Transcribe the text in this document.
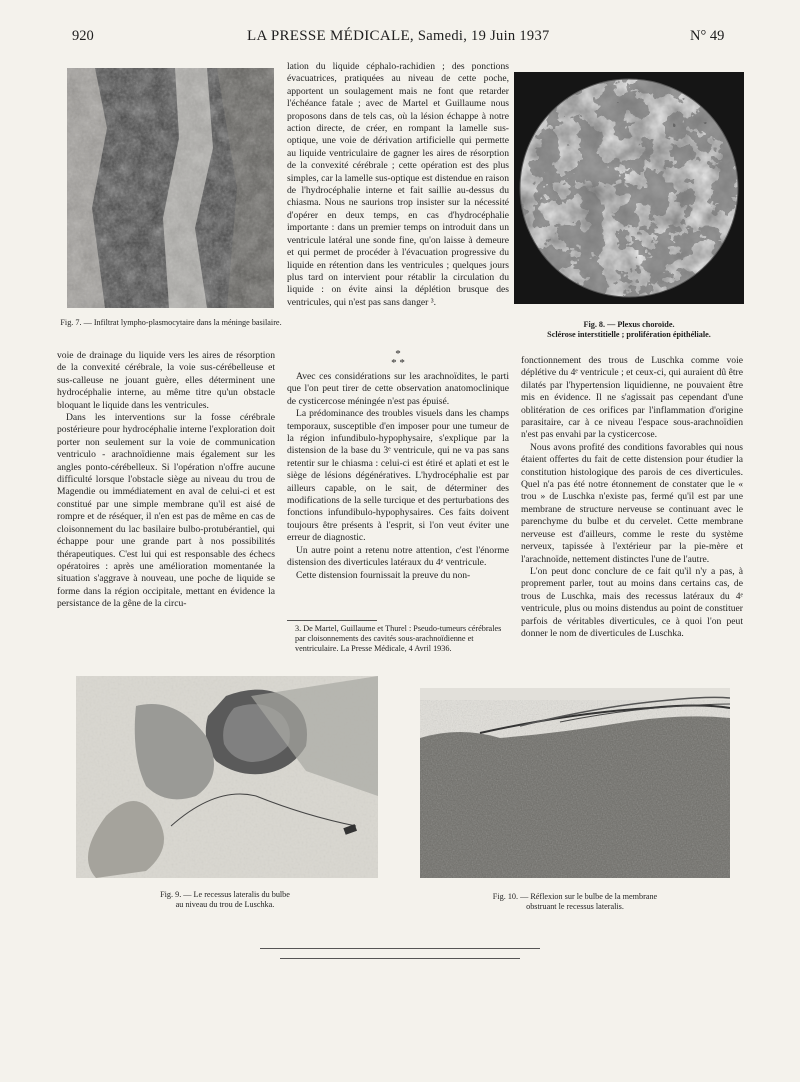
920	LA PRESSE MÉDICALE, Samedi, 19 Juin 1937	N° 49
Fig. 7. — Infiltrat lympho-plasmocytaire dans la méninge basilaire.	Fig. 8. — Plexus choroïde.
Sclérose interstitielle ; prolifération épithéliale.

voie de drainage du liquide vers les aires de résorption de la convexité cérébrale, la voie sus-cérébelleuse et sus-calleuse ne jouant guère, elles déterminent une hydrocéphalie interne, au même titre qu'un obstacle bloquant le liquide dans les ventricules.

Dans les interventions sur la fosse cérébrale postérieure pour hydrocéphalie interne l'exploration doit porter non seulement sur la voie de communication ventriculo - arachnoïdienne mais également sur les angles ponto-cérébelleux. Si l'opération n'offre aucune difficulté lorsque l'obstacle siège au niveau du trou de Magendie ou immédiatement en aval de celui-ci et est constitué par une simple membrane qu'il est aisé de rompre et de réséquer, il n'en est pas de même en cas de cloisonnement du lac basilaire bulbo-protubérantiel, qui échappe pour une grande part à nos possibilités thérapeutiques. C'est lui qui est responsable des échecs opératoires : après une amélioration momentanée la situation s'aggrave à nouveau, une poche de liquide se forme dans la région occipitale, mettant en évidence la persistance de la gêne de la circu-

lation du liquide céphalo-rachidien ; des ponctions évacuatrices, pratiquées au niveau de cette poche, apportent un soulagement mais ne font que retarder l'échéance fatale ; avec de Martel et Guillaume nous proposons dans de tels cas, où la lésion échappe à notre action directe, de créer, en rompant la lamelle sus-optique, une voie de dérivation artificielle qui permette au liquide ventriculaire de gagner les aires de résorption de la convexité cérébrale ; cette opération est des plus simples, car la lamelle sus-optique est distendue en raison de l'hydrocéphalie interne et fait saillie au-dessus du chiasma. Nous ne saurions trop insister sur la nécessité d'opérer en deux temps, en cas d'hydrocéphalie importante : dans un premier temps on introduit dans un ventricule latéral une sonde fine, qu'on laisse à demeure et qui permet de procéder à l'évacuation progressive du liquide en rétention dans les ventricules ; quelques jours plus tard on intervient pour rétablir la circulation du liquide : on évite ainsi la déplétion brusque des ventricules, qui n'est pas sans danger ³.

*
* *

Avec ces considérations sur les arachnoïdites, le parti que l'on peut tirer de cette observation anatomoclinique de cysticercose méningée n'est pas épuisé.

La prédominance des troubles visuels dans les champs temporaux, susceptible d'en imposer pour une tumeur de la région infundibulo-hypophysaire, s'explique par la distension de la base du 3ᵉ ventricule, qui ne va pas sans retentir sur le chiasma : celui-ci est étiré et aplati et est le siège de lésions dégénératives. L'hydrocéphalie est par ailleurs capable, on le sait, de déterminer des modifications de la selle turcique et des perturbations des fonctions infundibulo-hypophysaires. Ces faits doivent toujours être présents à l'esprit, si l'on veut éviter une erreur de diagnostic.

Un autre point a retenu notre attention, c'est l'énorme distension des diverticules latéraux du 4ᵉ ventricule.

Cette distension fournissait la preuve du non-

3. De Martel, Guillaume et Thurel : Pseudo-tumeurs cérébrales par cloisonnements des cavités sous-arachnoïdienne et ventriculaire. La Presse Médicale, 4 Avril 1936.

fonctionnement des trous de Luschka comme voie déplétive du 4ᵉ ventricule ; et ceux-ci, qui auraient dû être dilatés par l'hypertension liquidienne, ne pouvaient être mis en évidence. Il ne s'agissait pas cependant d'une oblitération de ces orifices par l'inflammation d'origine parasitaire, car à ce niveau l'espace sous-arachnoïdien n'est pas envahi par la cysticercose.

Nous avons profité des conditions favorables qui nous étaient offertes du fait de cette distension pour étudier la constitution histologique des parois de ces diverticules. Quel n'a pas été notre étonnement de constater que le « trou » de Luschka n'existe pas, fermé qu'il est par une membrane de structure nerveuse se continuant avec le parenchyme du bulbe et du cervelet. Cette membrane nerveuse est d'ailleurs, comme le reste du système nerveux, tapissée à l'extérieur par la pie-mère et l'arachnoïde, nettement distinctes l'une de l'autre.

L'on peut donc conclure de ce fait qu'il n'y a pas, à proprement parler, tout au moins dans certains cas, de trous de Luschka, mais des recessus latéraux du 4ᵉ ventricule, plus ou moins distendus au point de constituer parfois de véritables diverticules, ce à quoi l'on peut donner le nom de diverticules de Luschka.

Fig. 9. — Le recessus lateralis du bulbe
au niveau du trou de Luschka.
Fig. 10. — Réflexion sur le bulbe de la membrane
obstruant le recessus lateralis.
